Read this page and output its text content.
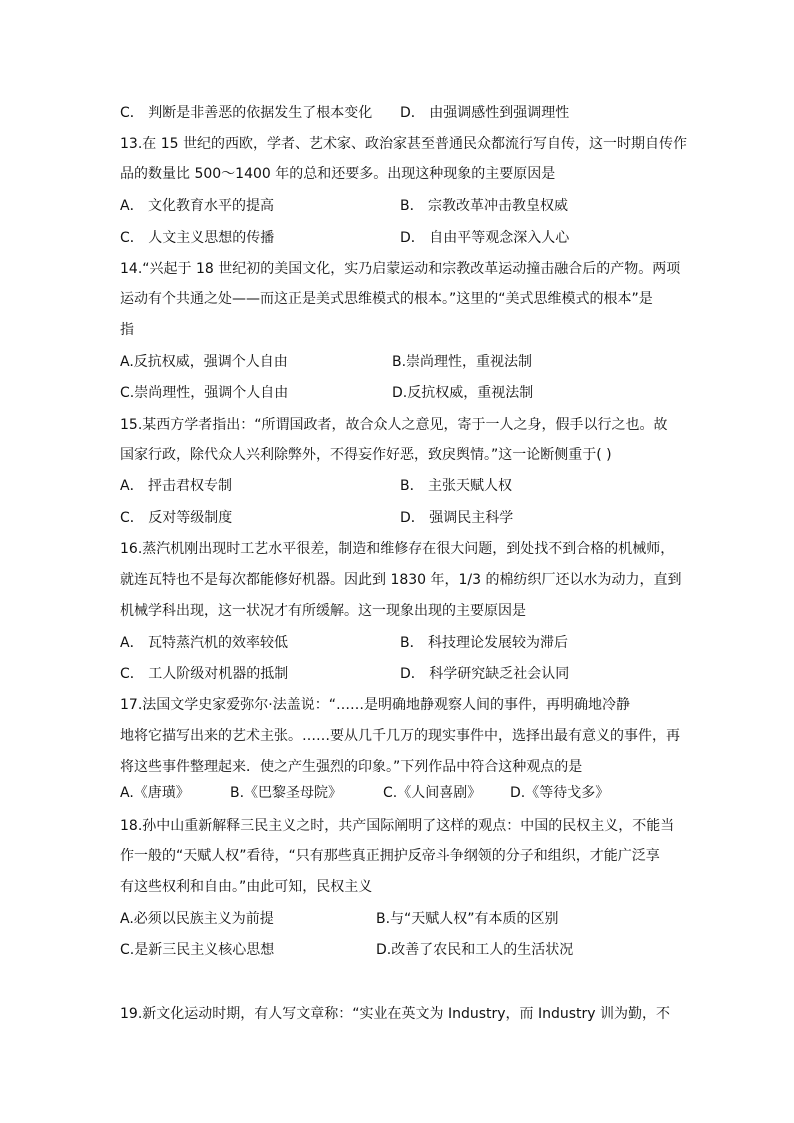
C． 判断是非善恶的依据发生了根本变化 D． 由强调感性到强调理性
13.在 15 世纪的西欧，学者、艺术家、政治家甚至普通民众都流行写自传，这一时期自传作
品的数量比 500～1400 年的总和还要多。出现这种现象的主要原因是
A． 文化教育水平的提高	B． 宗教改革冲击教皇权威
C． 人文主义思想的传播	D． 自由平等观念深入人心
14.“兴起于 18 世纪初的美国文化，实乃启蒙运动和宗教改革运动撞击融合后的产物。两项
运动有个共通之处——而这正是美式思维模式的根本。”这里的“美式思维模式的根本”是
指
A.反抗权威，强调个人自由	B.崇尚理性，重视法制
C.崇尚理性，强调个人自由	D.反抗权威，重视法制
15.某西方学者指出：“所谓国政者，故合众人之意见，寄于一人之身，假手以行之也。故
国家行政，除代众人兴利除弊外，不得妄作好恶，致戾舆情。”这一论断侧重于( )
A． 抨击君权专制	B． 主张天赋人权
C． 反对等级制度	D． 强调民主科学
16.蒸汽机刚出现时工艺水平很差，制造和维修存在很大问题，到处找不到合格的机械师，
就连瓦特也不是每次都能修好机器。因此到 1830 年，1/3 的棉纺织厂还以水为动力，直到
机械学科出现，这一状况才有所缓解。这一现象出现的主要原因是
A． 瓦特蒸汽机的效率较低	B． 科技理论发展较为滞后
C． 工人阶级对机器的抵制	D． 科学研究缺乏社会认同
17.法国文学史家爱弥尔·法盖说：“……是明确地静观察人间的事件，再明确地冷静
地将它描写出来的艺术主张。……要从几千几万的现实事件中，选择出最有意义的事件，再
将这些事件整理起来．使之产生强烈的印象。”下列作品中符合这种观点的是
A.《唐璜》	B.《巴黎圣母院》	C.《人间喜剧》 D.《等待戈多》
18.孙中山重新解释三民主义之时，共产国际阐明了这样的观点：中国的民权主义，不能当
作一般的“天赋人权”看待，“只有那些真正拥护反帝斗争纲领的分子和组织，才能广泛享
有这些权利和自由。”由此可知，民权主义
A.必须以民族主义为前提	B.与“天赋人权”有本质的区别
C.是新三民主义核心思想	D.改善了农民和工人的生活状况
19.新文化运动时期，有人写文章称：“实业在英文为 Industry，而 Industry 训为勤，不
